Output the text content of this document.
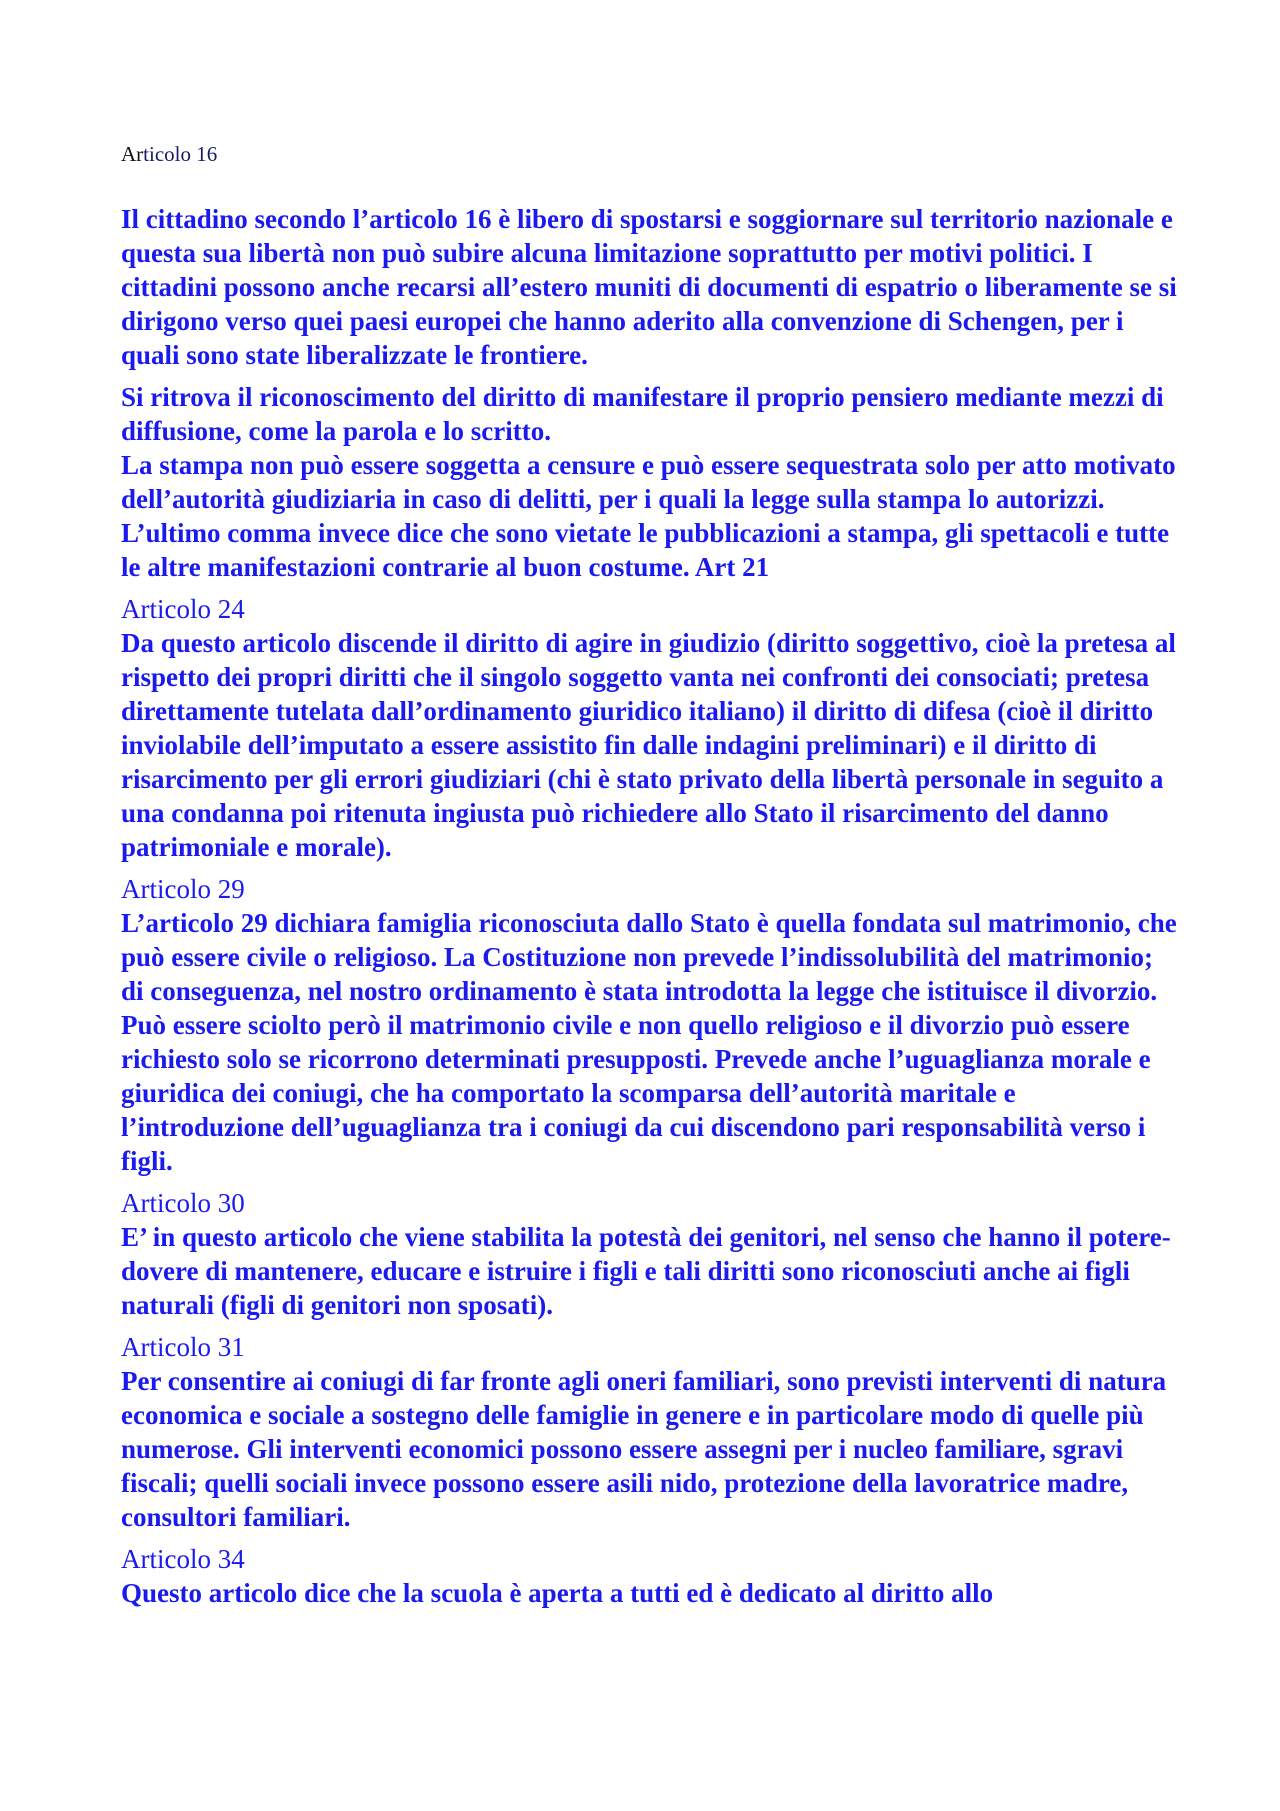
Articolo 16

Il cittadino secondo l’articolo 16 è libero di spostarsi e soggiornare sul territorio nazionale e questa sua libertà non può subire alcuna limitazione soprattutto per motivi politici. I cittadini possono anche recarsi all’estero muniti di documenti di espatrio o liberamente se si dirigono verso quei paesi europei che hanno aderito alla convenzione di Schengen, per i quali sono state liberalizzate le frontiere.

Si ritrova il riconoscimento del diritto di manifestare il proprio pensiero mediante mezzi di diffusione, come la parola e lo scritto.

La stampa non può essere soggetta a censure e può essere sequestrata solo per atto motivato dell’autorità giudiziaria in caso di delitti, per i quali la legge sulla stampa lo autorizzi. L’ultimo comma invece dice che sono vietate le pubblicazioni a stampa, gli spettacoli e tutte le altre manifestazioni contrarie al buon costume. Art 21

Articolo 24

Da questo articolo discende il diritto di agire in giudizio (diritto soggettivo, cioè la pretesa al rispetto dei propri diritti che il singolo soggetto vanta nei confronti dei consociati; pretesa direttamente tutelata dall’ordinamento giuridico italiano) il diritto di difesa (cioè il diritto inviolabile dell’imputato a essere assistito fin dalle indagini preliminari) e il diritto di risarcimento per gli errori giudiziari (chi è stato privato della libertà personale in seguito a una condanna poi ritenuta ingiusta può richiedere allo Stato il risarcimento del danno patrimoniale e morale).

Articolo 29

L’articolo 29 dichiara famiglia riconosciuta dallo Stato è quella fondata sul matrimonio, che può essere civile o religioso. La Costituzione non prevede l’indissolubilità del matrimonio; di conseguenza, nel nostro ordinamento è stata introdotta la legge che istituisce il divorzio. Può essere sciolto però il matrimonio civile e non quello religioso e il divorzio può essere richiesto solo se ricorrono determinati presupposti. Prevede anche l’uguaglianza morale e giuridica dei coniugi, che ha comportato la scomparsa dell’autorità maritale e l’introduzione dell’uguaglianza tra i coniugi da cui discendono pari responsabilità verso i figli.

Articolo 30

E’ in questo articolo che viene stabilita la potestà dei genitori, nel senso che hanno il potere-dovere di mantenere, educare e istruire i figli e tali diritti sono riconosciuti anche ai figli naturali (figli di genitori non sposati).

Articolo 31

Per consentire ai coniugi di far fronte agli oneri familiari, sono previsti interventi di natura economica e sociale a sostegno delle famiglie in genere e in particolare modo di quelle più numerose. Gli interventi economici possono essere assegni per i nucleo familiare, sgravi fiscali; quelli sociali invece possono essere asili nido, protezione della lavoratrice madre, consultori familiari.

Articolo 34

Questo articolo dice che la scuola è aperta a tutti ed è dedicato al diritto allo
